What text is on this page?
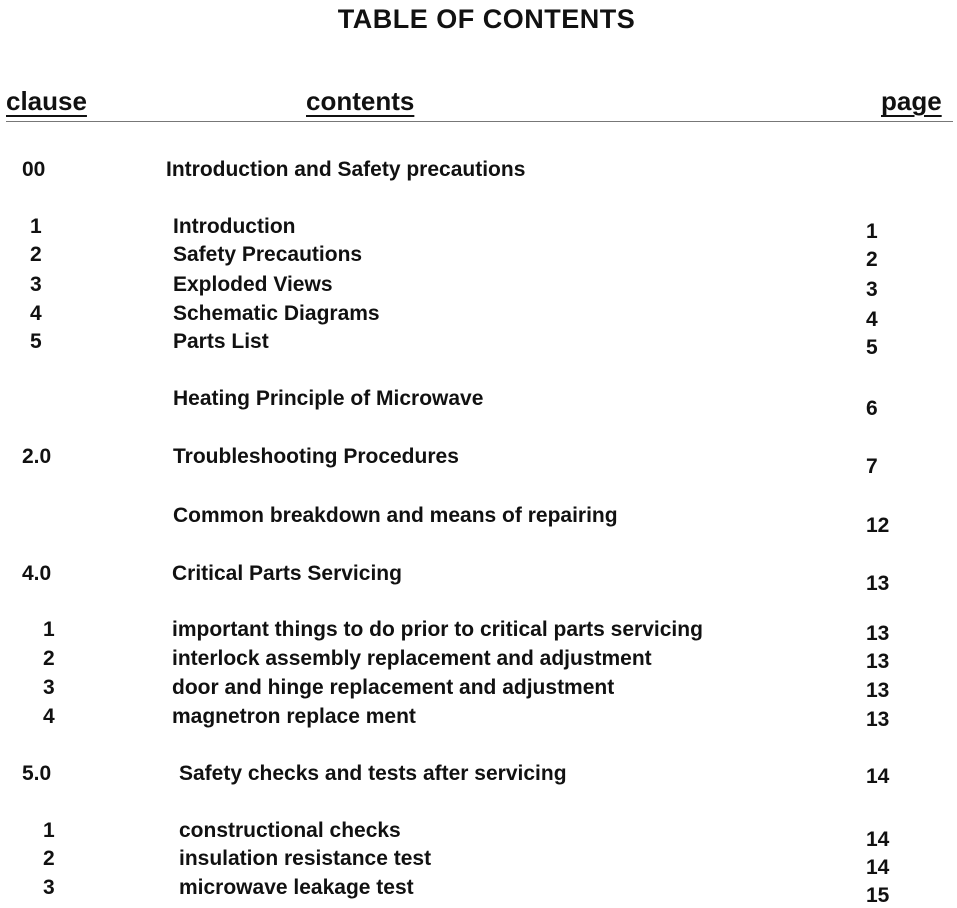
TABLE OF CONTENTS
clause	contents	page
00	Introduction and Safety precautions
1	Introduction	1
2	Safety Precautions	2
3	Exploded Views	3
4	Schematic Diagrams	4
5	Parts List	5
Heating Principle of Microwave	6
2.0	Troubleshooting Procedures	7
Common breakdown and means of repairing	12
4.0	Critical Parts Servicing	13
1	important things to do prior to critical parts servicing	13
2	interlock assembly replacement and adjustment	13
3	door and hinge replacement and adjustment	13
4	magnetron replace ment	13
5.0	Safety checks and tests after servicing	14
1	constructional checks	14
2	insulation resistance test	14
3	microwave leakage test	15
